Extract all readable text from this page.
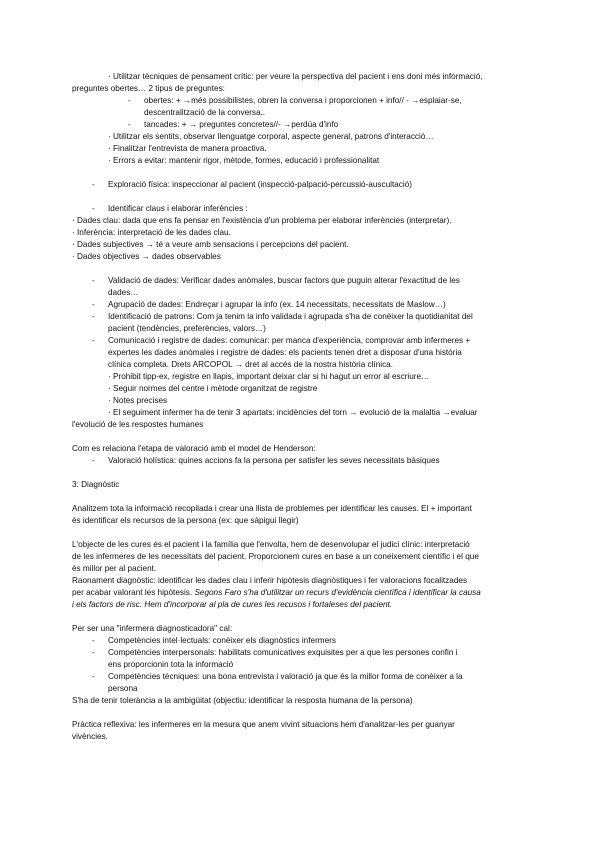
· Utilitzar tècniques de pensament crític: per veure la perspectiva del pacient i ens doni més informació,
preguntes obertes… 2 tipus de preguntes:
- obertes: + →més possibilistes, obren la conversa i proporcionen + info// - →esplaiar-se,
descentralització de la conversa..
- tancades: + → preguntes concretes//- →perdúa d'info
· Utilitzar els sentits, observar llenguatge corporal, aspecte general, patrons d'interacció…
· Finalitzar l'entrevista de manera proactiva.
· Errors a evitar: mantenir rigor, mètode, formes, educació i professionalitat
- Exploració física: inspeccionar al pacient (inspecció-palpació-percussió-auscultació)
- Identificar claus i elaborar inferències :
· Dades clau: dada que ens fa pensar en l'existència d'un problema per elaborar inferències (interpretar).
· Inferència: interpretació de les dades clau.
· Dades subjectives → té a veure amb sensacions i percepcions del pacient.
· Dades objectives → dades observables
- Validació de dades: Verificar dades anòmales, buscar factors que puguin alterar l'exactitud de les
dades…
- Agrupació de dades: Endreçar i agrupar la info (ex. 14 necessitats, necessitats de Maslow…)
- Identificació de patrons: Com ja tenim la info validada i agrupada s'ha de conèixer la quotidianitat del
pacient (tendències, preferències, valors…)
- Comunicació i registre de dades: comunicar: per manca d'experiència, comprovar amb infermeres +
expertes les dades anòmales i registre de dades: els pacients tenen dret a disposar d'una història
clínica completa. Drets ARCOPOL → dret al accés de la nostra història clínica.
· Prohibit tipp-ex, registre en llapis, important deixar clar si hi hagut un error al escriure…
· Seguir normes del centre i mètode organitzat de registre
· Notes precises
· El seguiment infermer ha de tenir 3 apartats: incidències del torn → evolució de la malaltia →evaluar
l'evolució de les respostes humanes
Com es relaciona l'etapa de valoració amb el model de Henderson:
- Valoració holística: quines accions fa la persona per satisfer les seves necessitats bàsiques
3: Diagnòstic
Analitzem tota la informació recopilada i crear una llista de problemes per identificar les causes. El + important
és identificar els recursos de la persona (ex: que sàpigui llegir)
L'objecte de les cures és el pacient i la família que l'envolta, hem de desenvolupar el judici clínic: interpretació
de les infermeres de les necessitats del pacient. Proporcionem cures en base a un coneixement científic i el que
és millor per al pacient.
Raonament diagnòstic: identificar les dades clau i inferir hipòtesis diagnòstiques i fer valoracions focalitzades
per acabar valorant les hipòtesis. Segons Faro s'ha d'utilitzar un recurs d'evidència científica i identificar la causa
i els factors de risc. Hem d'incorporar al pla de cures les recusos i fortaleses del pacient.
Per ser una "infermera diagnosticadora" cal:
- Competències intel·lectuals: conèixer els diagnòstics infermers
- Competències interpersonals: habilitats comunicatives exquisites per a que les persones confin i
ens proporcionin tota la informació
- Competències tècniques: una bona entrevista i valoració ja que és la millor forma de conèixer a la
persona
S'ha de tenir tolerància a la ambigüitat (objectiu: identificar la resposta humana de la persona)
Pràctica reflexiva: les infermeres en la mesura que anem vivint situacions hem d'analitzar-les per guanyar
vivències.
